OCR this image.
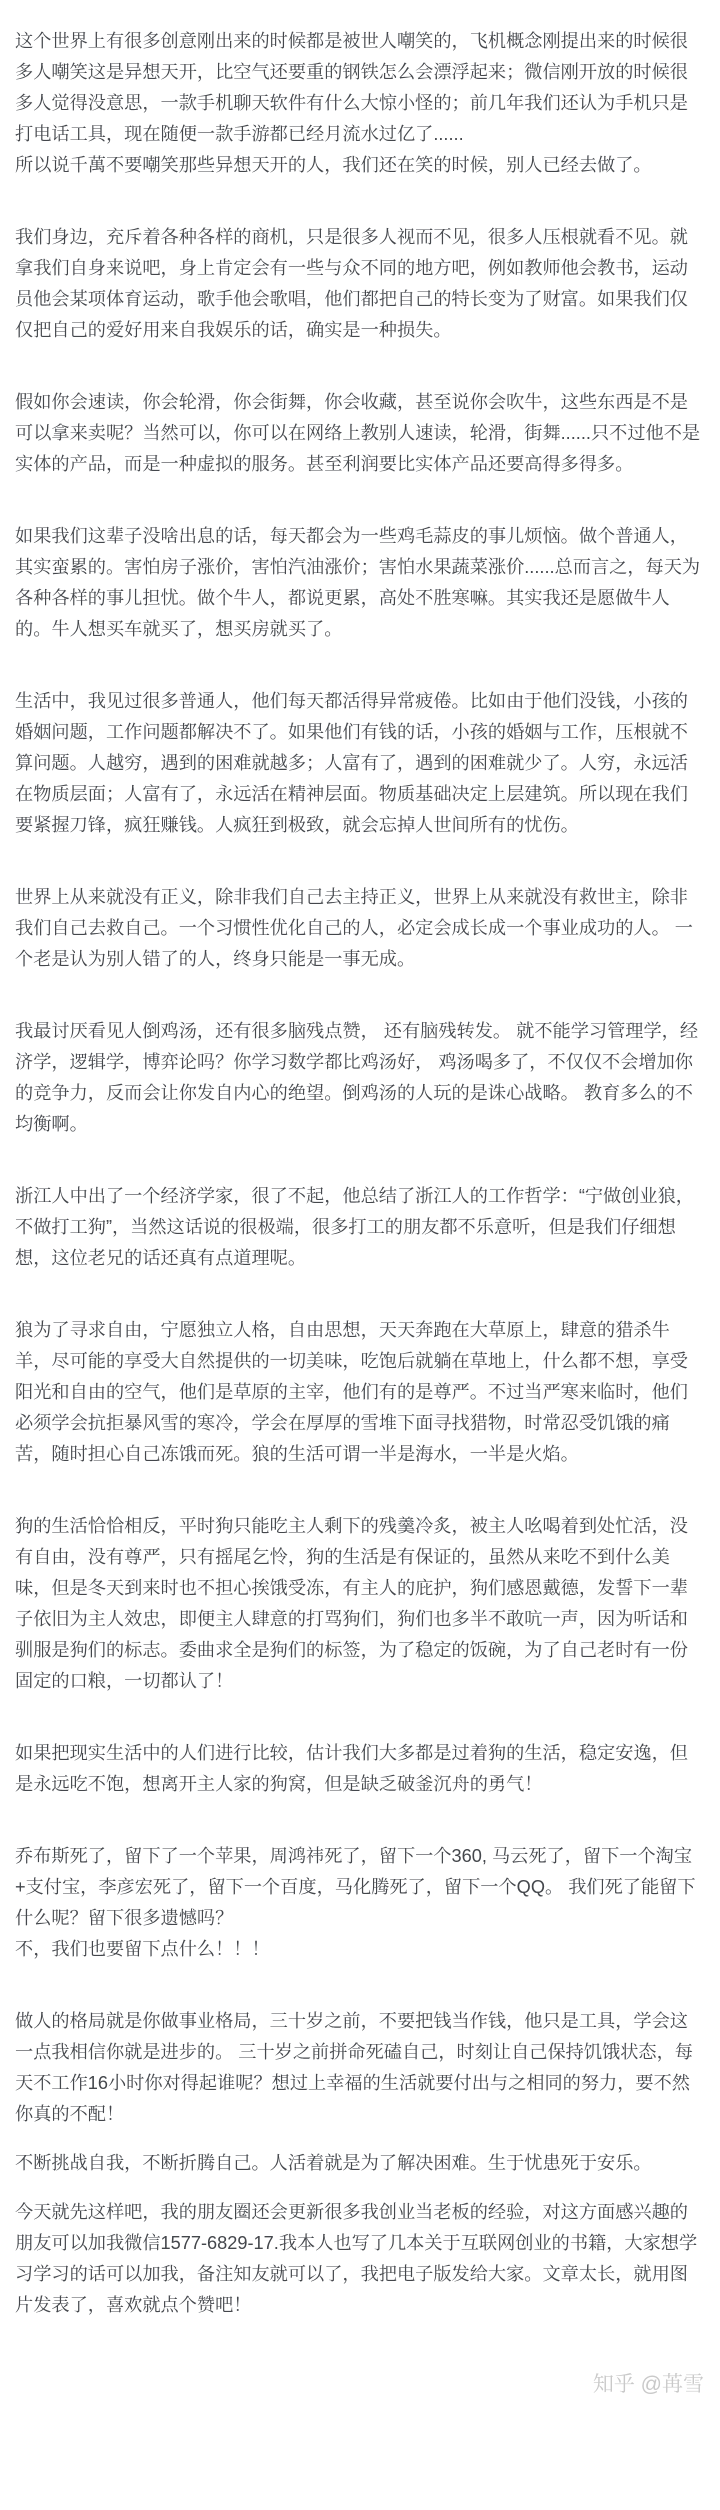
这个世界上有很多创意刚出来的时候都是被世人嘲笑的，飞机概念刚提出来的时候很多人嘲笑这是异想天开，比空气还要重的钢铁怎么会漂浮起来；微信刚开放的时候很多人觉得没意思，一款手机聊天软件有什么大惊小怪的；前几年我们还认为手机只是打电话工具，现在随便一款手游都已经月流水过亿了......
所以说千萬不要嘲笑那些异想天开的人，我们还在笑的时候，别人已经去做了。

我们身边，充斥着各种各样的商机，只是很多人视而不见，很多人压根就看不见。就拿我们自身来说吧，身上肯定会有一些与众不同的地方吧，例如教师他会教书，运动员他会某项体育运动，歌手他会歌唱，他们都把自己的特长变为了财富。如果我们仅仅把自己的爱好用来自我娱乐的话，确实是一种损失。

假如你会速读，你会轮滑，你会街舞，你会收藏，甚至说你会吹牛，这些东西是不是可以拿来卖呢？当然可以，你可以在网络上教别人速读，轮滑，街舞......只不过他不是实体的产品，而是一种虚拟的服务。甚至利润要比实体产品还要高得多得多。

如果我们这辈子没啥出息的话，每天都会为一些鸡毛蒜皮的事儿烦恼。做个普通人，其实蛮累的。害怕房子涨价，害怕汽油涨价；害怕水果蔬菜涨价......总而言之，每天为各种各样的事儿担忧。做个牛人，都说更累，高处不胜寒嘛。其实我还是愿做牛人的。牛人想买车就买了，想买房就买了。

生活中，我见过很多普通人，他们每天都活得异常疲倦。比如由于他们没钱，小孩的婚姻问题，工作问题都解决不了。如果他们有钱的话，小孩的婚姻与工作，压根就不算问题。人越穷，遇到的困难就越多；人富有了，遇到的困难就少了。人穷，永远活在物质层面；人富有了，永远活在精神层面。物质基础决定上层建筑。所以现在我们要紧握刀锋，疯狂赚钱。人疯狂到极致，就会忘掉人世间所有的忧伤。

世界上从来就没有正义，除非我们自己去主持正义，世界上从来就没有救世主，除非我们自己去救自己。一个习惯性优化自己的人，必定会成长成一个事业成功的人。 一个老是认为别人错了的人，终身只能是一事无成。

我最讨厌看见人倒鸡汤，还有很多脑残点赞， 还有脑残转发。 就不能学习管理学，经济学，逻辑学，博弈论吗？你学习数学都比鸡汤好， 鸡汤喝多了，不仅仅不会增加你的竞争力，反而会让你发自内心的绝望。倒鸡汤的人玩的是诛心战略。 教育多么的不均衡啊。

浙江人中出了一个经济学家，很了不起，他总结了浙江人的工作哲学：“宁做创业狼，不做打工狗”，当然这话说的很极端，很多打工的朋友都不乐意听，但是我们仔细想想，这位老兄的话还真有点道理呢。

狼为了寻求自由，宁愿独立人格，自由思想，天天奔跑在大草原上，肆意的猎杀牛羊，尽可能的享受大自然提供的一切美味，吃饱后就躺在草地上，什么都不想，享受阳光和自由的空气，他们是草原的主宰，他们有的是尊严。不过当严寒来临时，他们必须学会抗拒暴风雪的寒冷，学会在厚厚的雪堆下面寻找猎物，时常忍受饥饿的痛苦，随时担心自己冻饿而死。狼的生活可谓一半是海水，一半是火焰。

狗的生活恰恰相反，平时狗只能吃主人剩下的残羹冷炙，被主人吆喝着到处忙活，没有自由，没有尊严，只有摇尾乞怜，狗的生活是有保证的，虽然从来吃不到什么美味，但是冬天到来时也不担心挨饿受冻，有主人的庇护，狗们感恩戴德，发誓下一辈子依旧为主人效忠，即便主人肆意的打骂狗们，狗们也多半不敢吭一声，因为听话和驯服是狗们的标志。委曲求全是狗们的标签，为了稳定的饭碗，为了自己老时有一份固定的口粮，一切都认了！

如果把现实生活中的人们进行比较，估计我们大多都是过着狗的生活，稳定安逸，但是永远吃不饱，想离开主人家的狗窝，但是缺乏破釜沉舟的勇气！

乔布斯死了，留下了一个苹果，周鸿祎死了，留下一个360, 马云死了，留下一个淘宝+支付宝，李彦宏死了，留下一个百度，马化腾死了，留下一个QQ。 我们死了能留下什么呢？留下很多遗憾吗？
不，我们也要留下点什么！！！

做人的格局就是你做事业格局，三十岁之前，不要把钱当作钱，他只是工具，学会这一点我相信你就是进步的。 三十岁之前拼命死磕自己，时刻让自己保持饥饿状态，每天不工作16小时你对得起谁呢？想过上幸福的生活就要付出与之相同的努力，要不然你真的不配！

不断挑战自我，不断折腾自己。人活着就是为了解决困难。生于忧患死于安乐。

今天就先这样吧，我的朋友圈还会更新很多我创业当老板的经验，对这方面感兴趣的朋友可以加我微信1577-6829-17.我本人也写了几本关于互联网创业的书籍，大家想学习学习的话可以加我，备注知友就可以了，我把电子版发给大家。文章太长，就用图片发表了，喜欢就点个赞吧！

知乎 @苒雪
